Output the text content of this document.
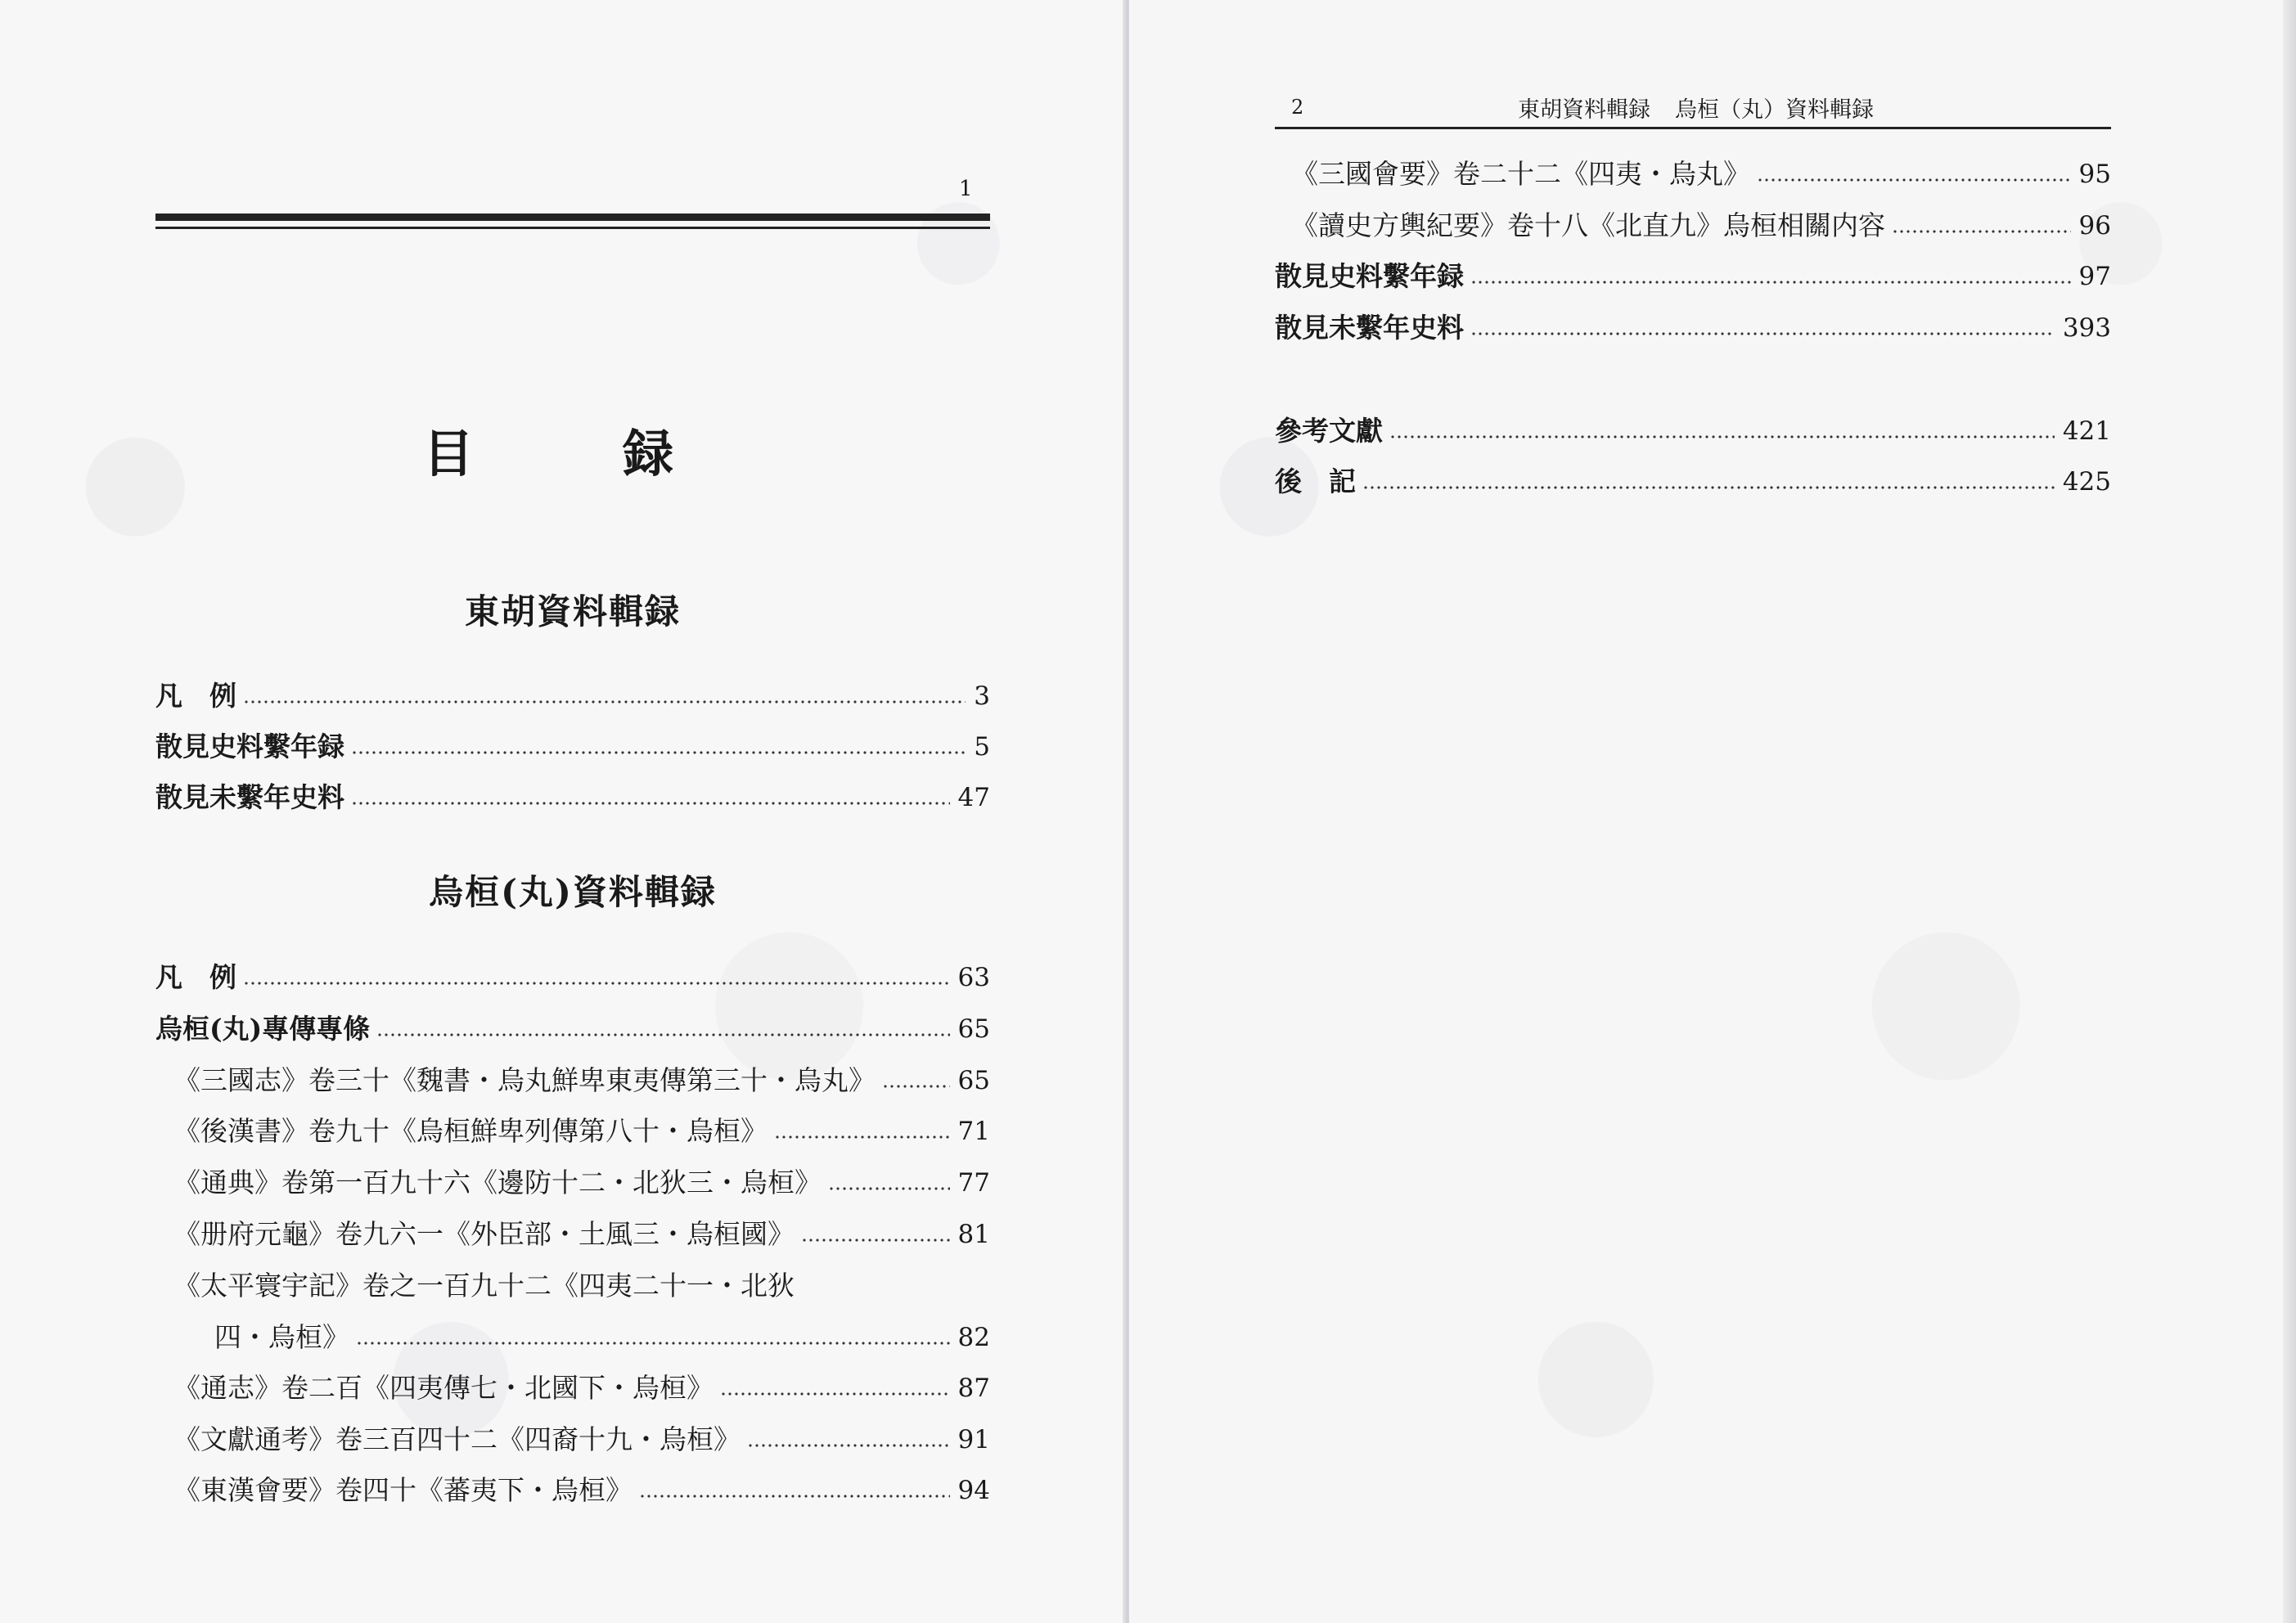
1
目　録
東胡資料輯録
凡　例	3
散見史料繫年録	5
散見未繫年史料	47
烏桓(丸)資料輯録
凡　例	63
烏桓(丸)專傳專條	65
《三國志》卷三十《魏書・烏丸鮮卑東夷傳第三十・烏丸》	65
《後漢書》卷九十《烏桓鮮卑列傳第八十・烏桓》	71
《通典》卷第一百九十六《邊防十二・北狄三・烏桓》	77
《册府元龜》卷九六一《外臣部・土風三・烏桓國》	81
《太平寰宇記》卷之一百九十二《四夷二十一・北狄
四・烏桓》	82
《通志》卷二百《四夷傳七・北國下・烏桓》	87
《文獻通考》卷三百四十二《四裔十九・烏桓》	91
《東漢會要》卷四十《蕃夷下・烏桓》	94
2	東胡資料輯録 烏桓（丸）資料輯録
《三國會要》卷二十二《四夷・烏丸》	95
《讀史方輿紀要》卷十八《北直九》烏桓相關内容	96
散見史料繫年録	97
散見未繫年史料	393
參考文獻	421
後　記	425
